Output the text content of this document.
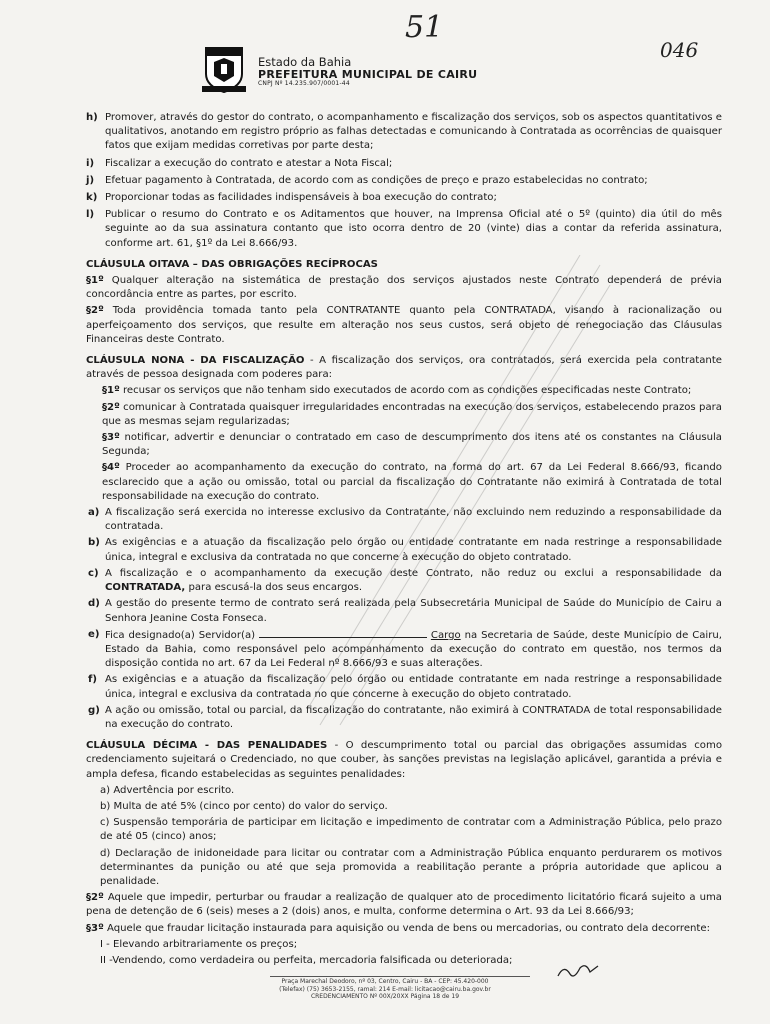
51
046
Estado da Bahia
PREFEITURA MUNICIPAL DE CAIRU
CNPJ Nº 14.235.907/0001-44
h) Promover, através do gestor do contrato, o acompanhamento e fiscalização dos serviços, sob os aspectos quantitativos e qualitativos, anotando em registro próprio as falhas detectadas e comunicando à Contratada as ocorrências de quaisquer fatos que exijam medidas corretivas por parte desta;
i)	Fiscalizar a execução do contrato e atestar a Nota Fiscal;
j)	Efetuar pagamento à Contratada, de acordo com as condições de preço e prazo estabelecidas no contrato;
k) Proporcionar todas as facilidades indispensáveis à boa execução do contrato;
l)	Publicar o resumo do Contrato e os Aditamentos que houver, na Imprensa Oficial até o 5º (quinto) dia útil do mês seguinte ao da sua assinatura contanto que isto ocorra dentro de 20 (vinte) dias a contar da referida assinatura, conforme art. 61, §1º da Lei 8.666/93.
CLÁUSULA OITAVA – DAS OBRIGAÇÕES RECÍPROCAS
§1º Qualquer alteração na sistemática de prestação dos serviços ajustados neste Contrato dependerá de prévia concordância entre as partes, por escrito.
§2º Toda providência tomada tanto pela CONTRATANTE quanto pela CONTRATADA, visando à racionalização ou aperfeiçoamento dos serviços, que resulte em alteração nos seus custos, será objeto de renegociação das Cláusulas Financeiras deste Contrato.
CLÁUSULA NONA - DA FISCALIZAÇÃO - A fiscalização dos serviços, ora contratados, será exercida pela contratante através de pessoa designada com poderes para:
§1º recusar os serviços que não tenham sido executados de acordo com as condições especificadas neste Contrato;
§2º comunicar à Contratada quaisquer irregularidades encontradas na execução dos serviços, estabelecendo prazos para que as mesmas sejam regularizadas;
§3º notificar, advertir e denunciar o contratado em caso de descumprimento dos itens até os constantes na Cláusula Segunda;
§4º Proceder ao acompanhamento da execução do contrato, na forma do art. 67 da Lei Federal 8.666/93, ficando esclarecido que a ação ou omissão, total ou parcial da fiscalização do Contratante não eximirá à Contratada de total responsabilidade na execução do contrato.
a) A fiscalização será exercida no interesse exclusivo da Contratante, não excluindo nem reduzindo a responsabilidade da contratada.
b) As exigências e a atuação da fiscalização pelo órgão ou entidade contratante em nada restringe a responsabilidade única, integral e exclusiva da contratada no que concerne à execução do objeto contratado.
c) A fiscalização e o acompanhamento da execução deste Contrato, não reduz ou exclui a responsabilidade da CONTRATADA, para escusá-la dos seus encargos.
d) A gestão do presente termo de contrato será realizada pela Subsecretária Municipal de Saúde do Município de Cairu a Senhora Jeanine Costa Fonseca.
e) Fica designado(a) Servidor(a)	Cargo na Secretaria de Saúde, deste Município de Cairu, Estado da Bahia, como responsável pelo acompanhamento da execução do contrato em questão, nos termos da disposição contida no art. 67 da Lei Federal nº 8.666/93 e suas alterações.
f) As exigências e a atuação da fiscalização pelo órgão ou entidade contratante em nada restringe a responsabilidade única, integral e exclusiva da contratada no que concerne à execução do objeto contratado.
g) A ação ou omissão, total ou parcial, da fiscalização do contratante, não eximirá à CONTRATADA de total responsabilidade na execução do contrato.
CLÁUSULA DÉCIMA - DAS PENALIDADES - O descumprimento total ou parcial das obrigações assumidas como credenciamento sujeitará o Credenciado, no que couber, às sanções previstas na legislação aplicável, garantida a prévia e ampla defesa, ficando estabelecidas as seguintes penalidades:
a) Advertência por escrito.
b) Multa de até 5% (cinco por cento) do valor do serviço.
c) Suspensão temporária de participar em licitação e impedimento de contratar com a Administração Pública, pelo prazo de até 05 (cinco) anos;
d) Declaração de inidoneidade para licitar ou contratar com a Administração Pública enquanto perdurarem os motivos determinantes da punição ou até que seja promovida a reabilitação perante a própria autoridade que aplicou a penalidade.
§2º Aquele que impedir, perturbar ou fraudar a realização de qualquer ato de procedimento licitatório ficará sujeito a uma pena de detenção de 6 (seis) meses a 2 (dois) anos, e multa, conforme determina o Art. 93 da Lei 8.666/93;
§3º Aquele que fraudar licitação instaurada para aquisição ou venda de bens ou mercadorias, ou contrato dela decorrente:
I - Elevando arbitrariamente os preços;
II -Vendendo, como verdadeira ou perfeita, mercadoria falsificada ou deteriorada;
Praça Marechal Deodoro, nº 03, Centro, Cairu - BA - CEP: 45.420-000
(Telefax) (75) 3653-2155, ramal: 214 E-mail: licitacao@cairu.ba.gov.br
CREDENCIAMENTO Nº 00X/20XX Página 18 de 19
